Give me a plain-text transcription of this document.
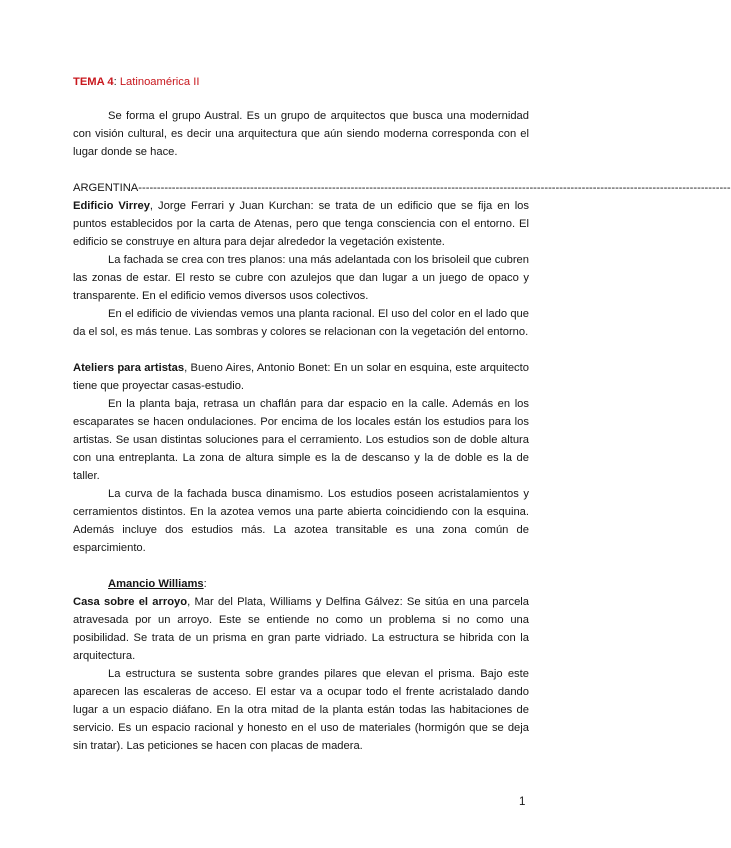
TEMA 4: Latinoamérica II

Se forma el grupo Austral. Es un grupo de arquitectos que busca una modernidad con visión cultural, es decir una arquitectura que aún siendo moderna corresponda con el lugar donde se hace.

ARGENTINA---------------------------------------------------------------------------------------------------------------------------------------------------------------

Edificio Virrey, Jorge Ferrari y Juan Kurchan: se trata de un edificio que se fija en los puntos establecidos por la carta de Atenas, pero que tenga consciencia con el entorno. El edificio se construye en altura para dejar alrededor la vegetación existente.

La fachada se crea con tres planos: una más adelantada con los brisoleil que cubren las zonas de estar. El resto se cubre con azulejos que dan lugar a un juego de opaco y transparente. En el edificio vemos diversos usos colectivos.

En el edificio de viviendas vemos una planta racional. El uso del color en el lado que da el sol, es más tenue. Las sombras y colores se relacionan con la vegetación del entorno.

Ateliers para artistas, Bueno Aires, Antonio Bonet: En un solar en esquina, este arquitecto tiene que proyectar casas-estudio.

En la planta baja, retrasa un chaflán para dar espacio en la calle. Además en los escaparates se hacen ondulaciones. Por encima de los locales están los estudios para los artistas. Se usan distintas soluciones para el cerramiento. Los estudios son de doble altura con una entreplanta. La zona de altura simple es la de descanso y la de doble es la de taller.

La curva de la fachada busca dinamismo. Los estudios poseen acristalamientos y cerramientos distintos. En la azotea vemos una parte abierta coincidiendo con la esquina. Además incluye dos estudios más. La azotea transitable es una zona común de esparcimiento.

Amancio Williams:

Casa sobre el arroyo, Mar del Plata, Williams y Delfina Gálvez: Se sitúa en una parcela atravesada por un arroyo. Este se entiende no como un problema si no como una posibilidad. Se trata de un prisma en gran parte vidriado. La estructura se hibrida con la arquitectura.

La estructura se sustenta sobre grandes pilares que elevan el prisma. Bajo este aparecen las escaleras de acceso. El estar va a ocupar todo el frente acristalado dando lugar a un espacio diáfano. En la otra mitad de la planta están todas las habitaciones de servicio. Es un espacio racional y honesto en el uso de materiales (hormigón que se deja sin tratar). Las peticiones se hacen con placas de madera.

1
